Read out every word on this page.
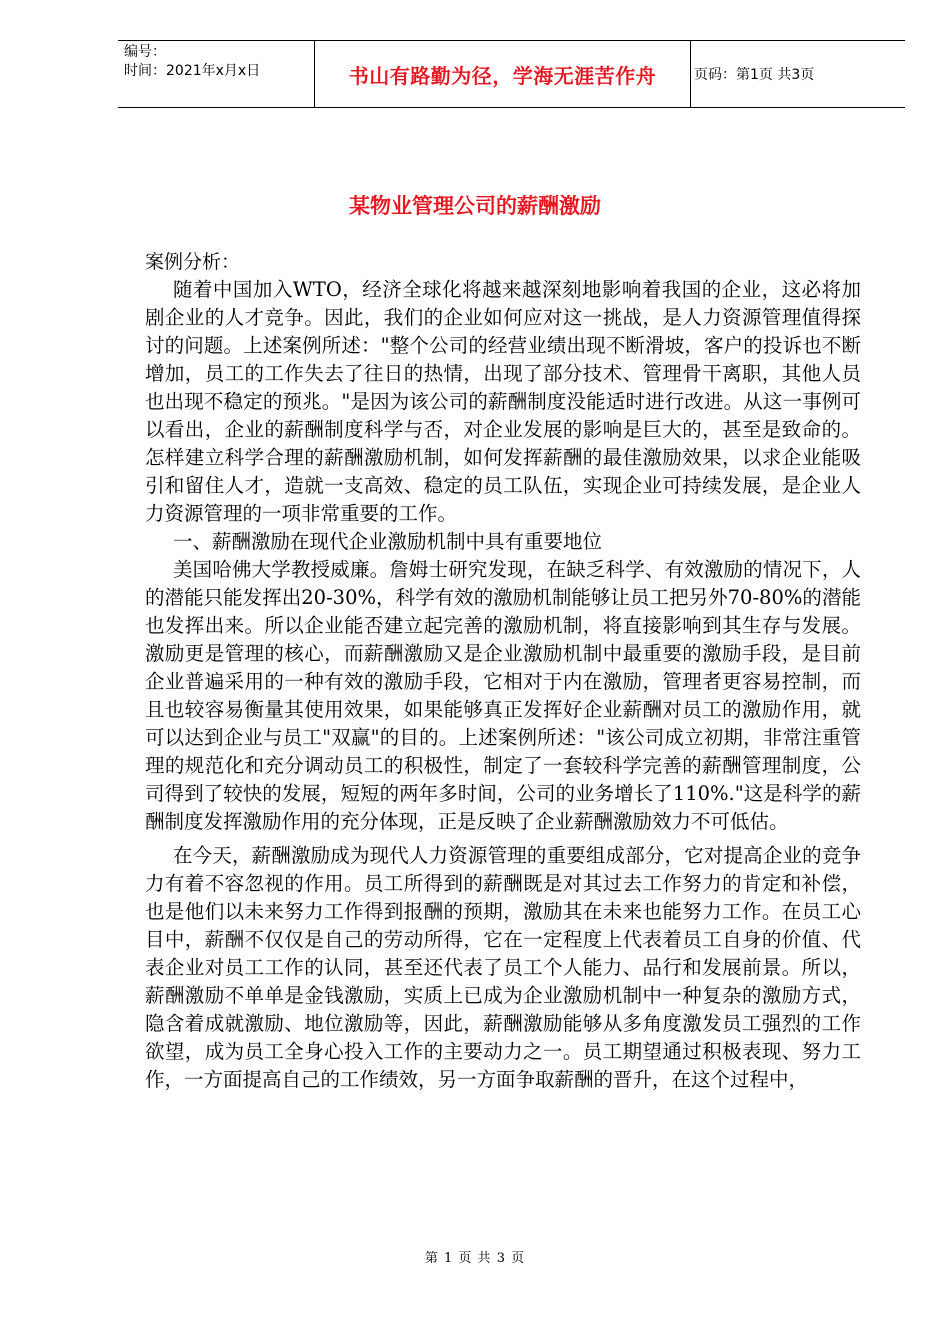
编号：
时间：2021年x月x日	书山有路勤为径，学海无涯苦作舟	页码：第1页 共3页
某物业管理公司的薪酬激励
案例分析：

随着中国加入WTO，经济全球化将越来越深刻地影响着我国的企业，这必将加剧企业的人才竞争。因此，我们的企业如何应对这一挑战，是人力资源管理值得探讨的问题。上述案例所述："整个公司的经营业绩出现不断滑坡，客户的投诉也不断增加，员工的工作失去了往日的热情，出现了部分技术、管理骨干离职，其他人员也出现不稳定的预兆。"是因为该公司的薪酬制度没能适时进行改进。从这一事例可以看出，企业的薪酬制度科学与否，对企业发展的影响是巨大的，甚至是致命的。怎样建立科学合理的薪酬激励机制，如何发挥薪酬的最佳激励效果，以求企业能吸引和留住人才，造就一支高效、稳定的员工队伍，实现企业可持续发展，是企业人力资源管理的一项非常重要的工作。

一、薪酬激励在现代企业激励机制中具有重要地位

美国哈佛大学教授威廉。詹姆士研究发现，在缺乏科学、有效激励的情况下，人的潜能只能发挥出20-30%，科学有效的激励机制能够让员工把另外70-80%的潜能也发挥出来。所以企业能否建立起完善的激励机制，将直接影响到其生存与发展。激励更是管理的核心，而薪酬激励又是企业激励机制中最重要的激励手段，是目前企业普遍采用的一种有效的激励手段，它相对于内在激励，管理者更容易控制，而且也较容易衡量其使用效果，如果能够真正发挥好企业薪酬对员工的激励作用，就可以达到企业与员工"双赢"的目的。上述案例所述："该公司成立初期，非常注重管理的规范化和充分调动员工的积极性，制定了一套较科学完善的薪酬管理制度，公司得到了较快的发展，短短的两年多时间，公司的业务增长了110%."这是科学的薪酬制度发挥激励作用的充分体现，正是反映了企业薪酬激励效力不可低估。

在今天，薪酬激励成为现代人力资源管理的重要组成部分，它对提高企业的竞争力有着不容忽视的作用。员工所得到的薪酬既是对其过去工作努力的肯定和补偿，也是他们以未来努力工作得到报酬的预期，激励其在未来也能努力工作。在员工心目中，薪酬不仅仅是自己的劳动所得，它在一定程度上代表着员工自身的价值、代表企业对员工工作的认同，甚至还代表了员工个人能力、品行和发展前景。所以，薪酬激励不单单是金钱激励，实质上已成为企业激励机制中一种复杂的激励方式，隐含着成就激励、地位激励等，因此，薪酬激励能够从多角度激发员工强烈的工作欲望，成为员工全身心投入工作的主要动力之一。员工期望通过积极表现、努力工作，一方面提高自己的工作绩效，另一方面争取薪酬的晋升，在这个过程中，

第 1 页 共 3 页
